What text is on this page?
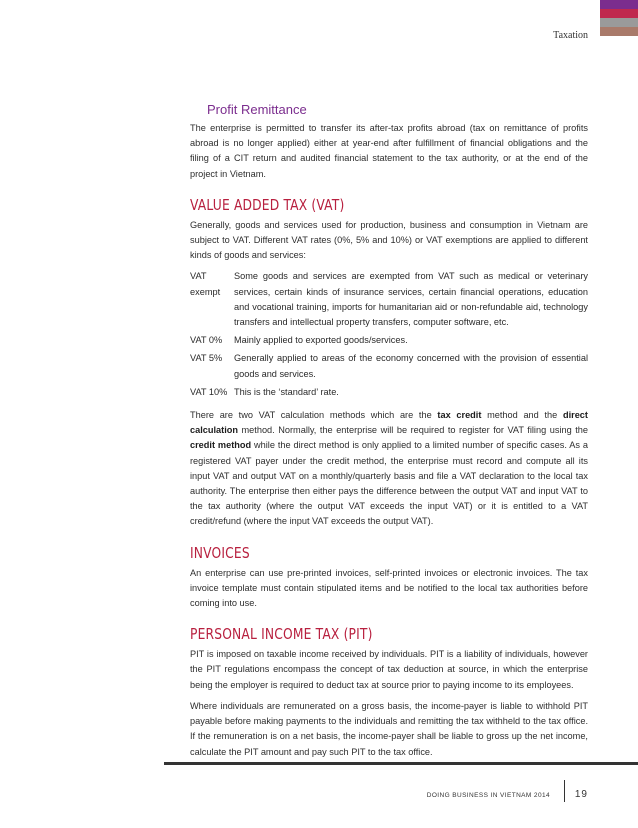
Taxation
Profit Remittance

The enterprise is permitted to transfer its after-tax profits abroad (tax on remittance of profits abroad is no longer applied) either at year-end after fulfillment of financial obligations and the filing of a CIT return and audited financial statement to the tax authority, or at the end of the project in Vietnam.

VALUE ADDED TAX (VAT)

Generally, goods and services used for production, business and consumption in Vietnam are subject to VAT. Different VAT rates (0%, 5% and 10%) or VAT exemptions are applied to different kinds of goods and services:

VAT exempt
Some goods and services are exempted from VAT such as medical or veterinary services, certain kinds of insurance services, certain financial operations, education and vocational training, imports for humanitarian aid or non-refundable aid, technology transfers and intellectual property transfers, computer software, etc.
VAT 0%	Mainly applied to exported goods/services.
VAT 5%	Generally applied to areas of the economy concerned with the provision of essential goods and services.
VAT 10% This is the ‘standard’ rate.

There are two VAT calculation methods which are the tax credit method and the direct calculation method. Normally, the enterprise will be required to register for VAT filing using the credit method while the direct method is only applied to a limited number of specific cases. As a registered VAT payer under the credit method, the enterprise must record and compute all its input VAT and output VAT on a monthly/quarterly basis and file a VAT declaration to the local tax authority. The enterprise then either pays the difference between the output VAT and input VAT to the tax authority (where the output VAT exceeds the input VAT) or it is entitled to a VAT credit/refund (where the input VAT exceeds the output VAT).

INVOICES

An enterprise can use pre-printed invoices, self-printed invoices or electronic invoices. The tax invoice template must contain stipulated items and be notified to the local tax authorities before coming into use.

PERSONAL INCOME TAX (PIT)

PIT is imposed on taxable income received by individuals. PIT is a liability of individuals, however the PIT regulations encompass the concept of tax deduction at source, in which the enterprise being the employer is required to deduct tax at source prior to paying income to its employees.

Where individuals are remunerated on a gross basis, the income-payer is liable to withhold PIT payable before making payments to the individuals and remitting the tax withheld to the tax office. If the remuneration is on a net basis, the income-payer shall be liable to gross up the net income, calculate the PIT amount and pay such PIT to the tax office.

DOING BUSINESS IN VIETNAM 2014 19
